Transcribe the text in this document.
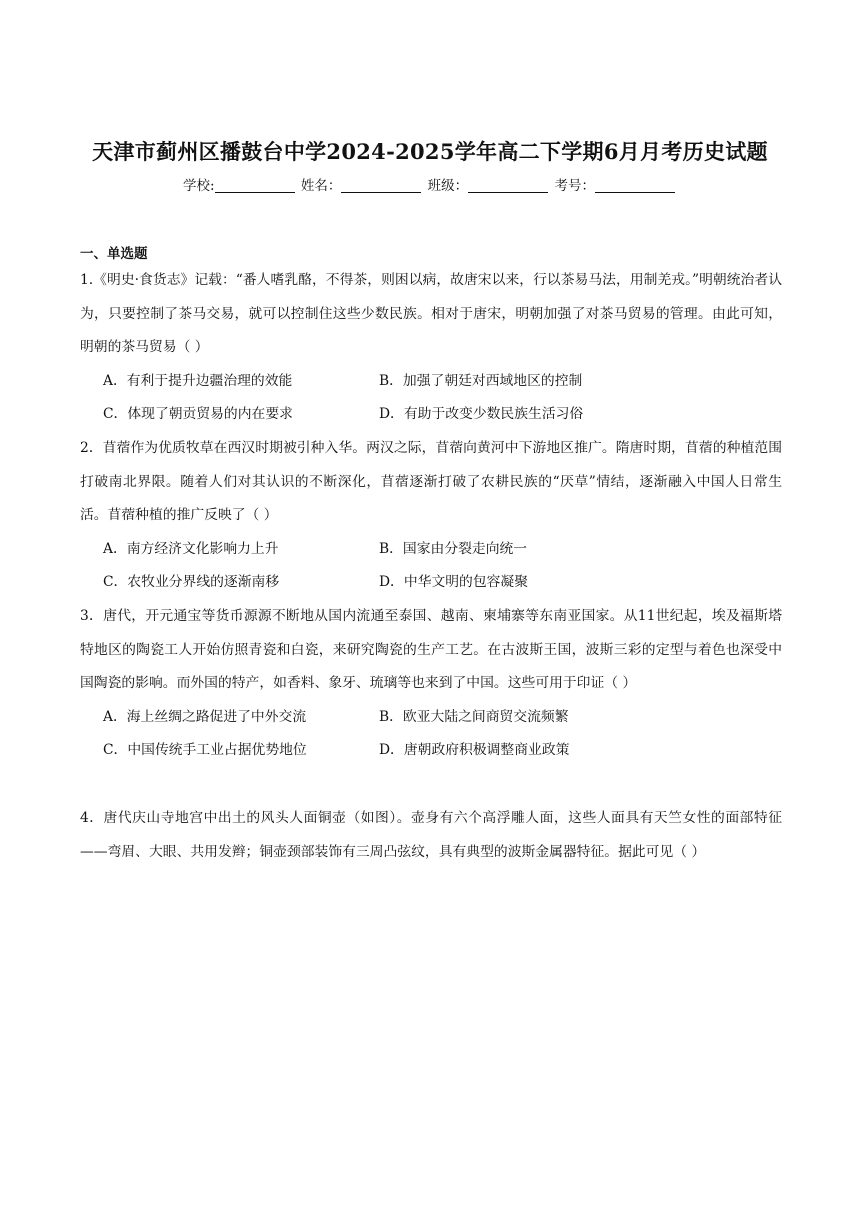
天津市蓟州区播鼓台中学2024-2025学年高二下学期6月月考历史试题
学校:	姓名：	班级：	考号：
一、单选题

1.《明史·食货志》记载：“番人嗜乳酪，不得茶，则困以病，故唐宋以来，行以茶易马法，用制羌戎。”明朝统治者认为，只要控制了茶马交易，就可以控制住这些少数民族。相对于唐宋，明朝加强了对茶马贸易的管理。由此可知，明朝的茶马贸易（ ）

A．有利于提升边疆治理的效能	B．加强了朝廷对西域地区的控制
C．体现了朝贡贸易的内在要求	D．有助于改变少数民族生活习俗

2．苜蓿作为优质牧草在西汉时期被引种入华。两汉之际，苜蓿向黄河中下游地区推广。隋唐时期，苜蓿的种植范围打破南北界限。随着人们对其认识的不断深化，苜蓿逐渐打破了农耕民族的“厌草”情结，逐渐融入中国人日常生活。苜蓿种植的推广反映了（ ）

A．南方经济文化影响力上升	B．国家由分裂走向统一
C．农牧业分界线的逐渐南移	D．中华文明的包容凝聚

3．唐代，开元通宝等货币源源不断地从国内流通至泰国、越南、柬埔寨等东南亚国家。从11世纪起，埃及福斯塔特地区的陶瓷工人开始仿照青瓷和白瓷，来研究陶瓷的生产工艺。在古波斯王国，波斯三彩的定型与着色也深受中国陶瓷的影响。而外国的特产，如香料、象牙、琉璃等也来到了中国。这些可用于印证（ ）

A．海上丝绸之路促进了中外交流	B．欧亚大陆之间商贸交流频繁
C．中国传统手工业占据优势地位	D．唐朝政府积极调整商业政策

4．唐代庆山寺地宫中出土的风头人面铜壶（如图）。壶身有六个高浮雕人面，这些人面具有天竺女性的面部特征——弯眉、大眼、共用发辫；铜壶颈部装饰有三周凸弦纹，具有典型的波斯金属器特征。据此可见（ ）
